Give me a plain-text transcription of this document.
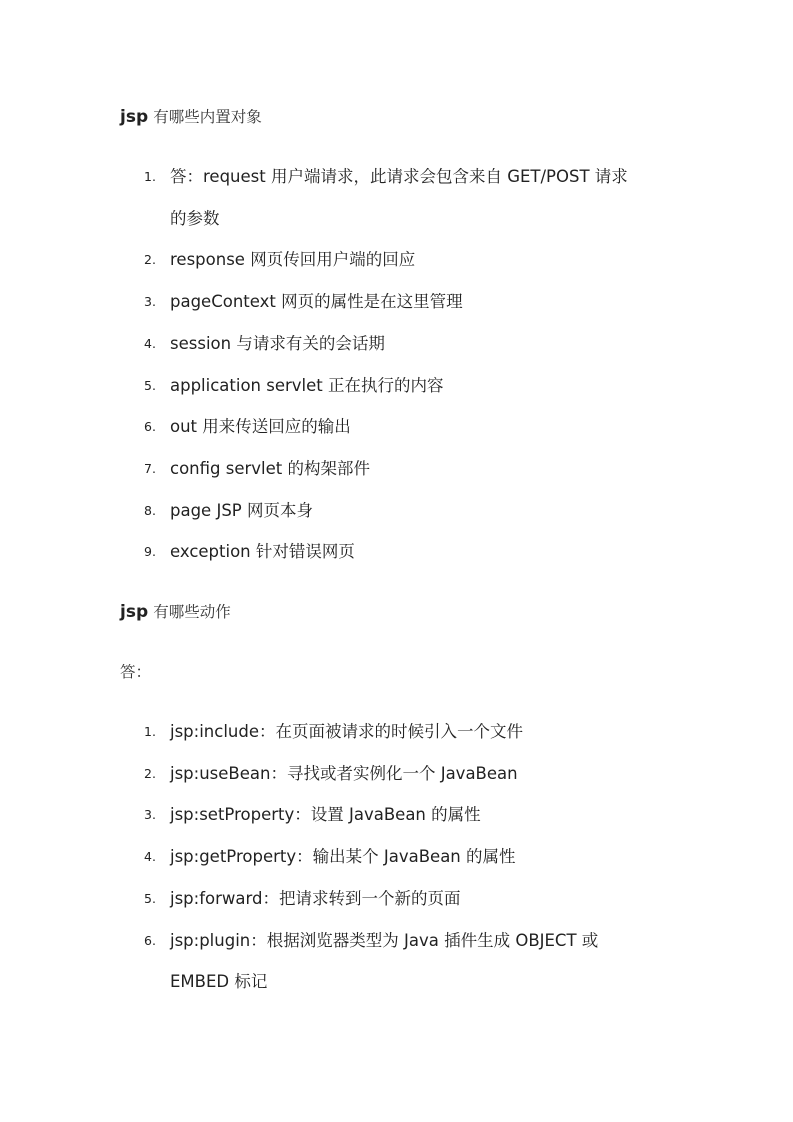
jsp 有哪些内置对象
1. 答：request 用户端请求，此请求会包含来自 GET/POST 请求
的参数
2. response 网页传回用户端的回应
3. pageContext 网页的属性是在这里管理
4. session 与请求有关的会话期
5. application servlet 正在执行的内容
6. out 用来传送回应的输出
7. config servlet 的构架部件
8. page JSP 网页本身
9. exception 针对错误网页
jsp 有哪些动作
答：
1. jsp:include：在页面被请求的时候引入一个文件
2. jsp:useBean：寻找或者实例化一个 JavaBean
3. jsp:setProperty：设置 JavaBean 的属性
4. jsp:getProperty：输出某个 JavaBean 的属性
5. jsp:forward：把请求转到一个新的页面
6. jsp:plugin：根据浏览器类型为 Java 插件生成 OBJECT 或
EMBED 标记
